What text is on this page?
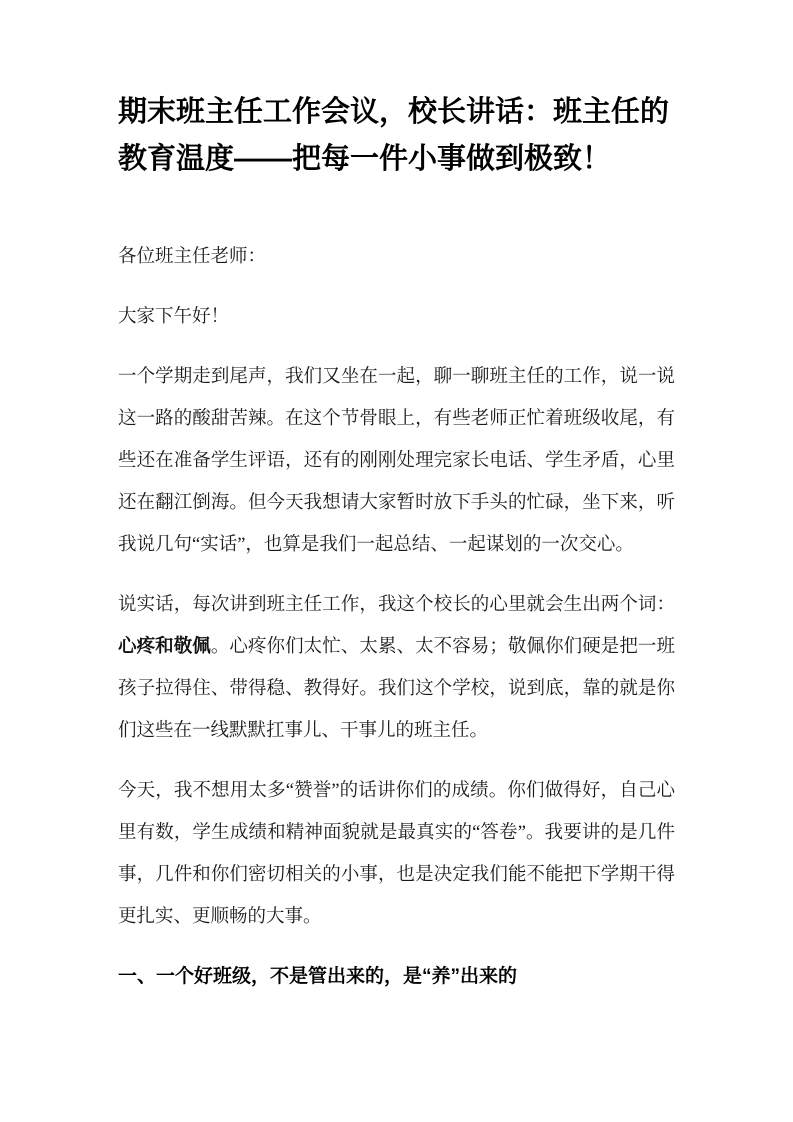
期末班主任工作会议，校长讲话：班主任的教育温度——把每一件小事做到极致！

各位班主任老师：

大家下午好！

一个学期走到尾声，我们又坐在一起，聊一聊班主任的工作，说一说这一路的酸甜苦辣。在这个节骨眼上，有些老师正忙着班级收尾，有些还在准备学生评语，还有的刚刚处理完家长电话、学生矛盾，心里还在翻江倒海。但今天我想请大家暂时放下手头的忙碌，坐下来，听我说几句“实话”，也算是我们一起总结、一起谋划的一次交心。

说实话，每次讲到班主任工作，我这个校长的心里就会生出两个词：心疼和敬佩。心疼你们太忙、太累、太不容易；敬佩你们硬是把一班孩子拉得住、带得稳、教得好。我们这个学校，说到底，靠的就是你们这些在一线默默扛事儿、干事儿的班主任。

今天，我不想用太多“赞誉”的话讲你们的成绩。你们做得好，自己心里有数，学生成绩和精神面貌就是最真实的“答卷”。我要讲的是几件事，几件和你们密切相关的小事，也是决定我们能不能把下学期干得更扎实、更顺畅的大事。

一、一个好班级，不是管出来的，是“养”出来的
